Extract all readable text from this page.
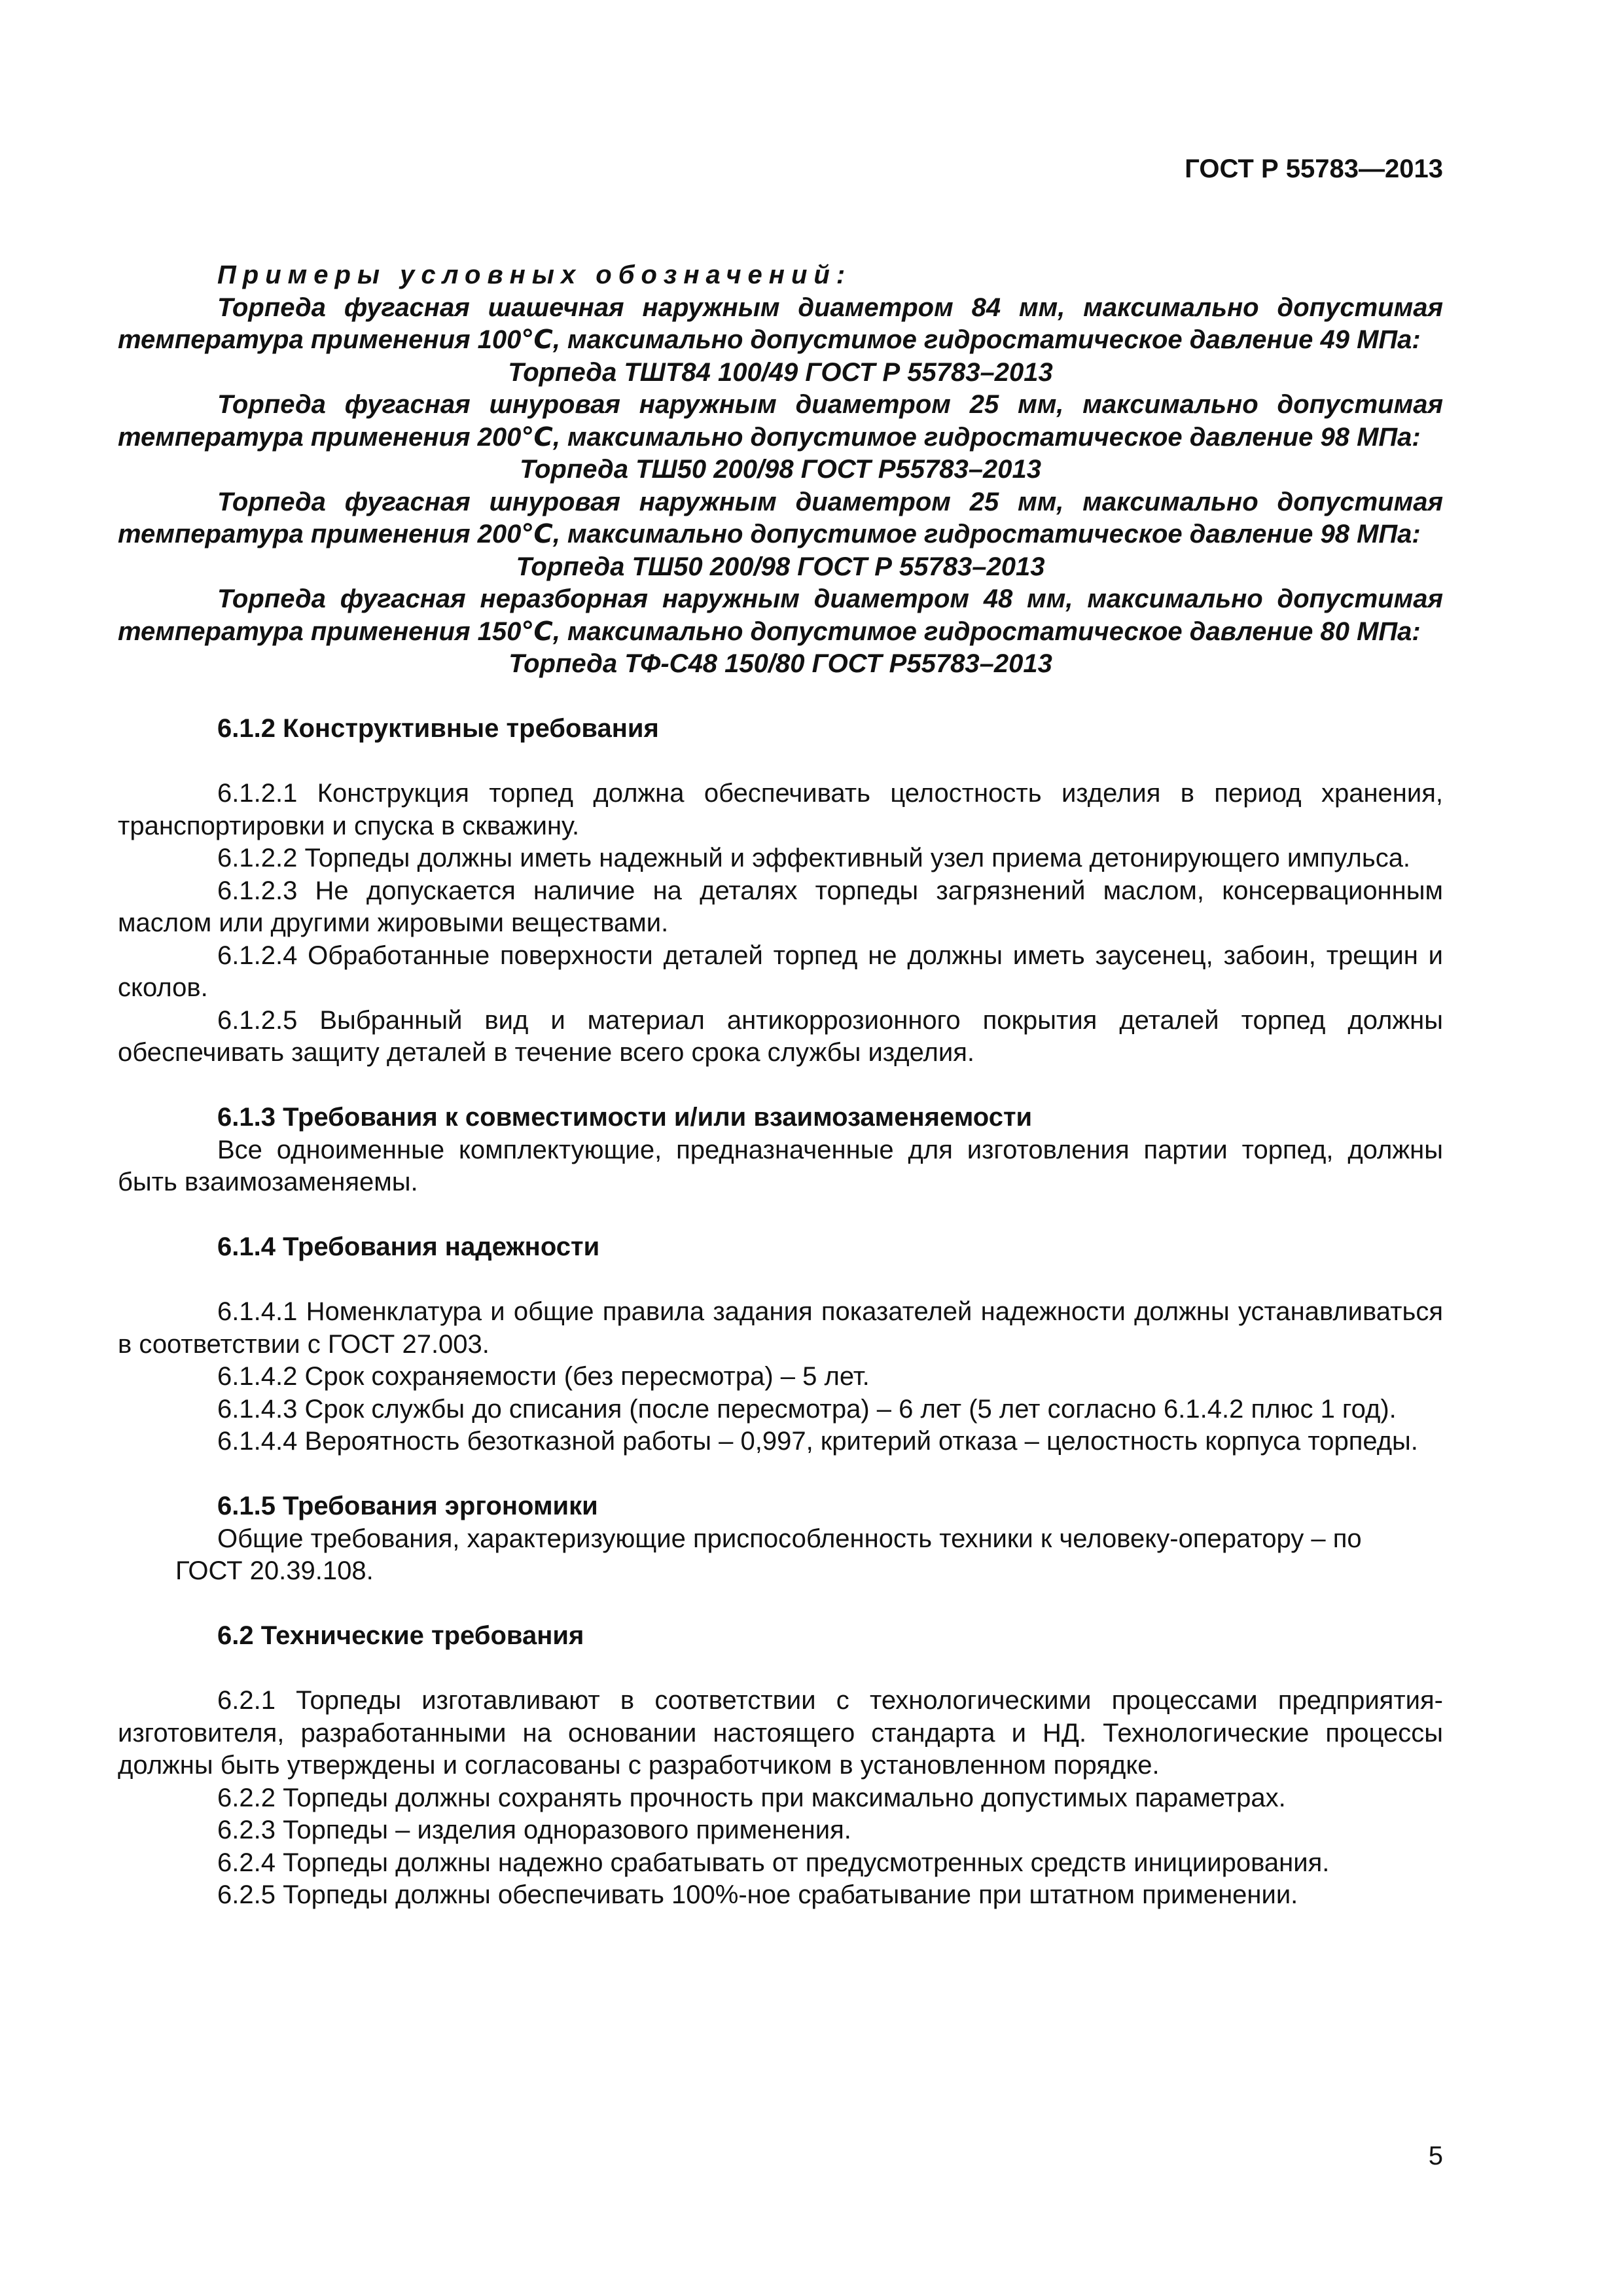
ГОСТ Р 55783—2013

Примеры условных обозначений:

Торпеда фугасная шашечная наружным диаметром 84 мм, максимально допустимая температура применения 100℃, максимально допустимое гидростатическое давление 49 МПа:

Торпеда ТШТ84 100/49 ГОСТ Р 55783–2013

Торпеда фугасная шнуровая наружным диаметром 25 мм, максимально допустимая температура применения 200℃, максимально допустимое гидростатическое давление 98 МПа:

Торпеда ТШ50 200/98 ГОСТ Р55783–2013

Торпеда фугасная шнуровая наружным диаметром 25 мм, максимально допустимая температура применения 200℃, максимально допустимое гидростатическое давление 98 МПа:

Торпеда ТШ50 200/98 ГОСТ Р 55783–2013

Торпеда фугасная неразборная наружным диаметром 48 мм, максимально допустимая температура применения 150℃, максимально допустимое гидростатическое давление 80 МПа:

Торпеда ТФ-С48 150/80 ГОСТ Р55783–2013

6.1.2 Конструктивные требования

6.1.2.1 Конструкция торпед должна обеспечивать целостность изделия в период хранения, транспортировки и спуска в скважину.

6.1.2.2 Торпеды должны иметь надежный и эффективный узел приема детонирующего импульса.

6.1.2.3 Не допускается наличие на деталях торпеды загрязнений маслом, консервационным маслом или другими жировыми веществами.

6.1.2.4 Обработанные поверхности деталей торпед не должны иметь заусенец, забоин, трещин и сколов.

6.1.2.5 Выбранный вид и материал антикоррозионного покрытия деталей торпед должны обеспечивать защиту деталей в течение всего срока службы изделия.

6.1.3 Требования к совместимости и/или взаимозаменяемости

Все одноименные комплектующие, предназначенные для изготовления партии торпед, должны быть взаимозаменяемы.

6.1.4 Требования надежности

6.1.4.1 Номенклатура и общие правила задания показателей надежности должны устанавливаться в соответствии с ГОСТ 27.003.

6.1.4.2 Срок сохраняемости (без пересмотра) – 5 лет.

6.1.4.3 Срок службы до списания (после пересмотра) – 6 лет (5 лет согласно 6.1.4.2 плюс 1 год).

6.1.4.4 Вероятность безотказной работы – 0,997, критерий отказа – целостность корпуса торпеды.

6.1.5 Требования эргономики

Общие требования, характеризующие приспособленность техники к человеку-оператору – по

ГОСТ 20.39.108.

6.2 Технические требования

6.2.1 Торпеды изготавливают в соответствии с технологическими процессами предприятия-изготовителя, разработанными на основании настоящего стандарта и НД. Технологические процессы должны быть утверждены и согласованы с разработчиком в установленном порядке.

6.2.2 Торпеды должны сохранять прочность при максимально допустимых параметрах.

6.2.3 Торпеды – изделия одноразового применения.

6.2.4 Торпеды должны надежно срабатывать от предусмотренных средств инициирования.

6.2.5 Торпеды должны обеспечивать 100%-ное срабатывание при штатном применении.

5
